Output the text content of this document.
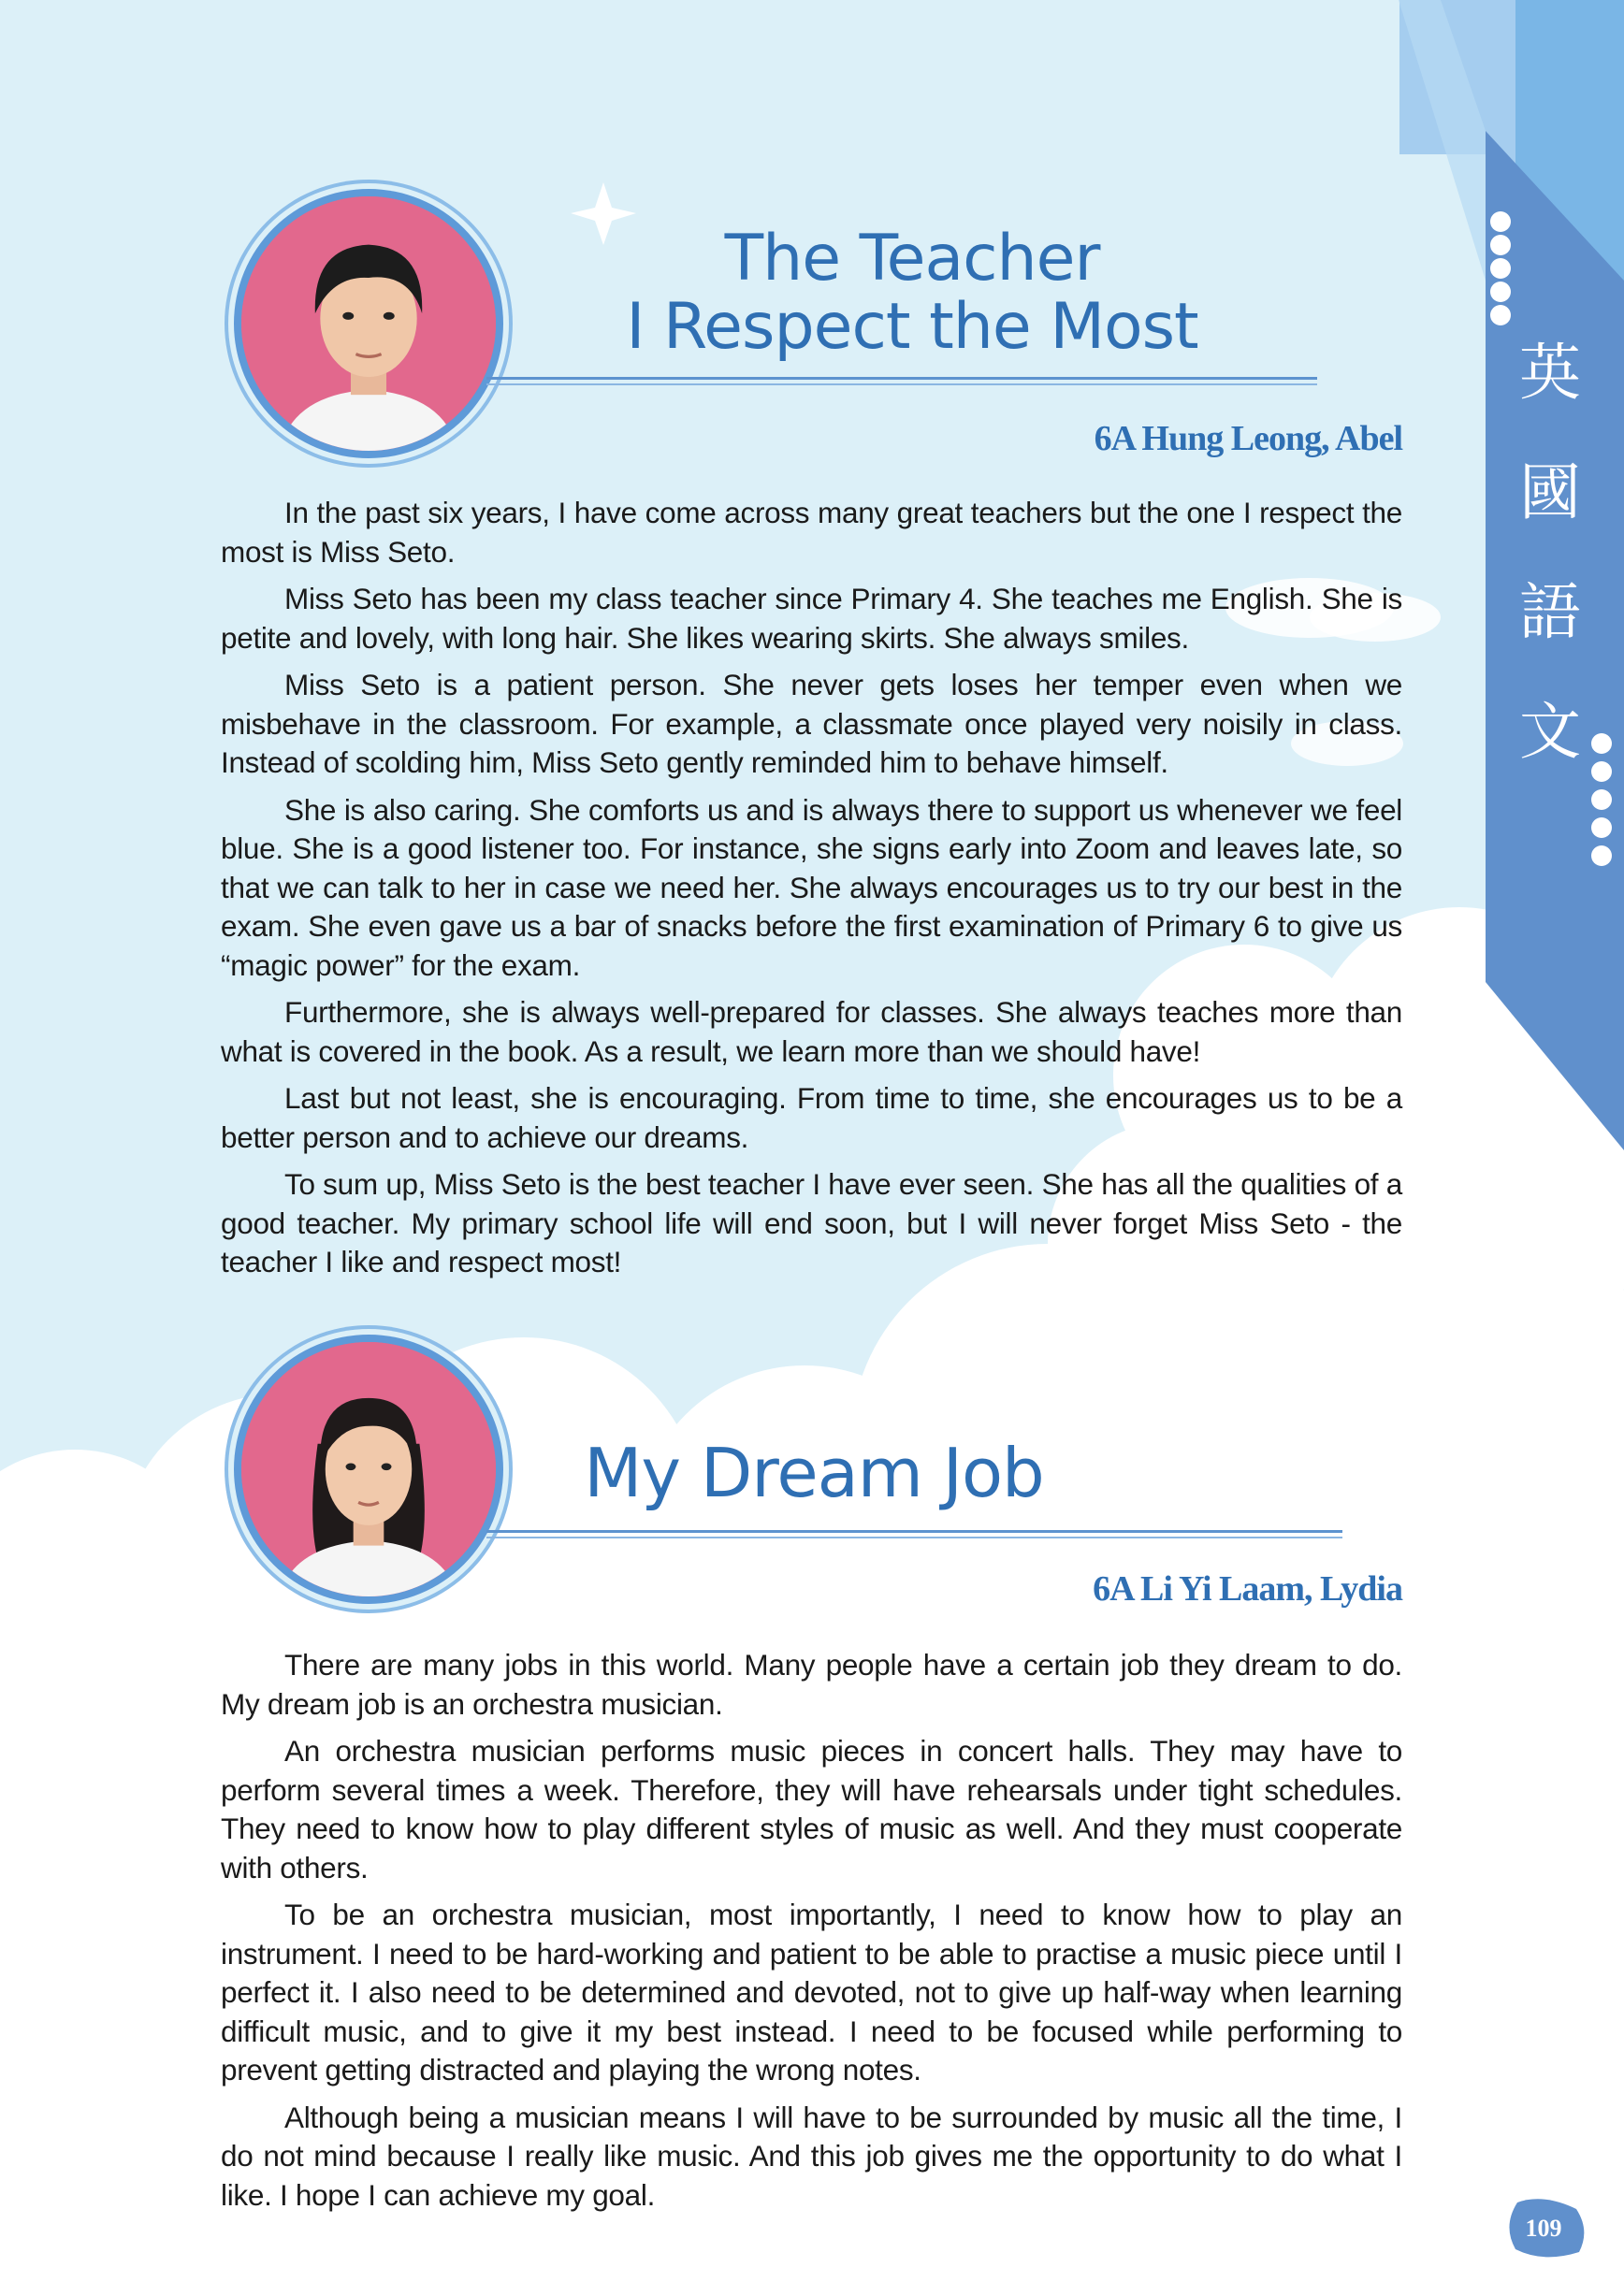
英
國
語
文
109
The Teacher
I Respect the Most

6A Hung Leong, Abel

In the past six years, I have come across many great teachers but the one I respect the most is Miss Seto.

Miss Seto has been my class teacher since Primary 4. She teaches me English. She is petite and lovely, with long hair. She likes wearing skirts. She always smiles.

Miss Seto is a patient person. She never gets loses her temper even when we misbehave in the classroom. For example, a classmate once played very noisily in class. Instead of scolding him, Miss Seto gently reminded him to behave himself.

She is also caring. She comforts us and is always there to support us whenever we feel blue. She is a good listener too. For instance, she signs early into Zoom and leaves late, so that we can talk to her in case we need her. She always encourages us to try our best in the exam. She even gave us a bar of snacks before the first examination of Primary 6 to give us “magic power” for the exam.

Furthermore, she is always well-prepared for classes. She always teaches more than what is covered in the book. As a result, we learn more than we should have!

Last but not least, she is encouraging. From time to time, she encourages us to be a better person and to achieve our dreams.

To sum up, Miss Seto is the best teacher I have ever seen. She has all the qualities of a good teacher. My primary school life will end soon, but I will never forget Miss Seto - the teacher I like and respect most!

My Dream Job

6A Li Yi Laam, Lydia

There are many jobs in this world. Many people have a certain job they dream to do. My dream job is an orchestra musician.

An orchestra musician performs music pieces in concert halls. They may have to perform several times a week. Therefore, they will have rehearsals under tight schedules. They need to know how to play different styles of music as well. And they must cooperate with others.

To be an orchestra musician, most importantly, I need to know how to play an instrument. I need to be hard-working and patient to be able to practise a music piece until I perfect it. I also need to be determined and devoted, not to give up half-way when learning difficult music, and to give it my best instead. I need to be focused while performing to prevent getting distracted and playing the wrong notes.

Although being a musician means I will have to be surrounded by music all the time, I do not mind because I really like music. And this job gives me the opportunity to do what I like. I hope I can achieve my goal.
